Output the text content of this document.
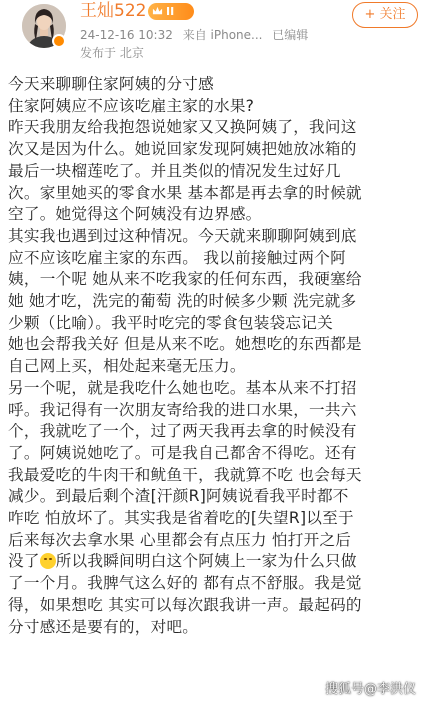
王灿522 II
24-12-16 10:32 来自 iPhone... 已编辑
发布于 北京
+ 关注

今天来聊聊住家阿姨的分寸感

住家阿姨应不应该吃雇主家的水果?

昨天我朋友给我抱怨说她家又又换阿姨了，我问这

次又是因为什么。她说回家发现阿姨把她放冰箱的

最后一块榴莲吃了。并且类似的情况发生过好几

次。家里她买的零食水果 基本都是再去拿的时候就

空了。她觉得这个阿姨没有边界感。

其实我也遇到过这种情况。今天就来聊聊阿姨到底

应不应该吃雇主家的东西。 我以前接触过两个阿

姨，一个呢 她从来不吃我家的任何东西，我硬塞给

她 她才吃，洗完的葡萄 洗的时候多少颗 洗完就多

少颗（比喻）。我平时吃完的零食包装袋忘记关

她也会帮我关好 但是从来不吃。她想吃的东西都是

自己网上买，相处起来毫无压力。

另一个呢，就是我吃什么她也吃。基本从来不打招

呼。我记得有一次朋友寄给我的进口水果，一共六

个，我就吃了一个，过了两天我再去拿的时候没有

了。阿姨说她吃了。可是我自己都舍不得吃。还有

我最爱吃的牛肉干和鱿鱼干，我就算不吃 也会每天

减少。到最后剩个渣[汗颜R]阿姨说看我平时都不

咋吃 怕放坏了。其实我是省着吃的[失望R]以至于

后来每次去拿水果 心里都会有点压力 怕打开之后

没了 所以我瞬间明白这个阿姨上一家为什么只做

了一个月。我脾气这么好的 都有点不舒服。我是觉

得，如果想吃 其实可以每次跟我讲一声。最起码的

分寸感还是要有的，对吧。

搜狐号@李洪仪
